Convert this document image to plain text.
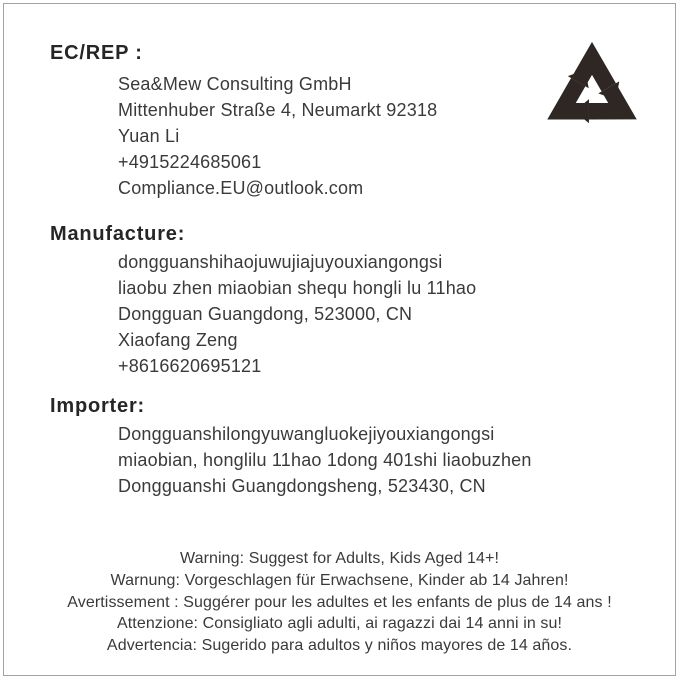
EC/REP :
Sea&Mew Consulting GmbH
Mittenhuber Straße 4, Neumarkt 92318
Yuan Li
+4915224685061
Compliance.EU@outlook.com
Manufacture:
dongguanshihaojuwujiajuyouxiangongsi
liaobu zhen miaobian shequ hongli lu 11hao
Dongguan Guangdong, 523000, CN
Xiaofang Zeng
+8616620695121
Importer:
Dongguanshilongyuwangluokejiyouxiangongsi
miaobian, honglilu 11hao 1dong 401shi liaobuzhen
Dongguanshi Guangdongsheng, 523430, CN
Warning: Suggest for Adults, Kids Aged 14+!
Warnung: Vorgeschlagen für Erwachsene, Kinder ab 14 Jahren!
Avertissement : Suggérer pour les adultes et les enfants de plus de 14 ans !
Attenzione: Consigliato agli adulti, ai ragazzi dai 14 anni in su!
Advertencia: Sugerido para adultos y niños mayores de 14 años.
